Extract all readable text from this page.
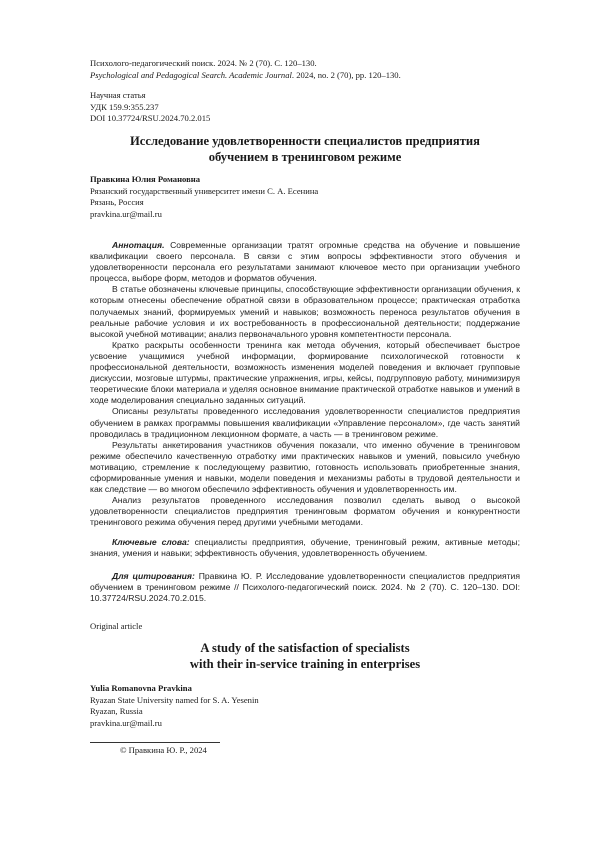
Психолого-педагогический поиск. 2024. № 2 (70). С. 120–130.
Psychological and Pedagogical Search. Academic Journal. 2024, no. 2 (70), pp. 120–130.
Научная статья
УДК 159.9:355.237
DOI 10.37724/RSU.2024.70.2.015
Исследование удовлетворенности специалистов предприятия
обучением в тренинговом режиме
Правкина Юлия Романовна
Рязанский государственный университет имени С. А. Есенина
Рязань, Россия
pravkina.ur@mail.ru

Аннотация. Современные организации тратят огромные средства на обучение и повышение квалификации своего персонала. В связи с этим вопросы эффективности этого обучения и удовлетворенности персонала его результатами занимают ключевое место при организации учебного процесса, выборе форм, методов и форматов обучения.

В статье обозначены ключевые принципы, способствующие эффективности организации обучения, к которым отнесены обеспечение обратной связи в образовательном процессе; практическая отработка получаемых знаний, формируемых умений и навыков; возможность переноса результатов обучения в реальные рабочие условия и их востребованность в профессиональной деятельности; поддержание высокой учебной мотивации; анализ первоначального уровня компетентности персонала.

Кратко раскрыты особенности тренинга как метода обучения, который обеспечивает быстрое усвоение учащимися учебной информации, формирование психологической готовности к профессиональной деятельности, возможность изменения моделей поведения и включает групповые дискуссии, мозговые штурмы, практические упражнения, игры, кейсы, подгрупповую работу, минимизируя теоретические блоки материала и уделяя основное внимание практической отработке навыков и умений в ходе моделирования специально заданных ситуаций.

Описаны результаты проведенного исследования удовлетворенности специалистов предприятия обучением в рамках программы повышения квалификации «Управление персоналом», где часть занятий проводилась в традиционном лекционном формате, а часть — в тренинговом режиме.

Результаты анкетирования участников обучения показали, что именно обучение в тренинговом режиме обеспечило качественную отработку ими практических навыков и умений, повысило учебную мотивацию, стремление к последующему развитию, готовность использовать приобретенные знания, сформированные умения и навыки, модели поведения и механизмы работы в трудовой деятельности и как следствие — во многом обеспечило эффективность обучения и удовлетворенность им.

Анализ результатов проведенного исследования позволил сделать вывод о высокой удовлетворенности специалистов предприятия тренинговым форматом обучения и конкурентности тренингового режима обучения перед другими учебными методами.

Ключевые слова: специалисты предприятия, обучение, тренинговый режим, активные методы; знания, умения и навыки; эффективность обучения, удовлетворенность обучением.

Для цитирования: Правкина Ю. Р. Исследование удовлетворенности специалистов предприятия обучением в тренинговом режиме // Психолого-педагогический поиск. 2024. № 2 (70). С. 120–130. DOI: 10.37724/RSU.2024.70.2.015.

Original article
A study of the satisfaction of specialists
with their in-service training in enterprises
Yulia Romanovna Pravkina
Ryazan State University named for S. A. Yesenin
Ryazan, Russia
pravkina.ur@mail.ru
© Правкина Ю. Р., 2024
